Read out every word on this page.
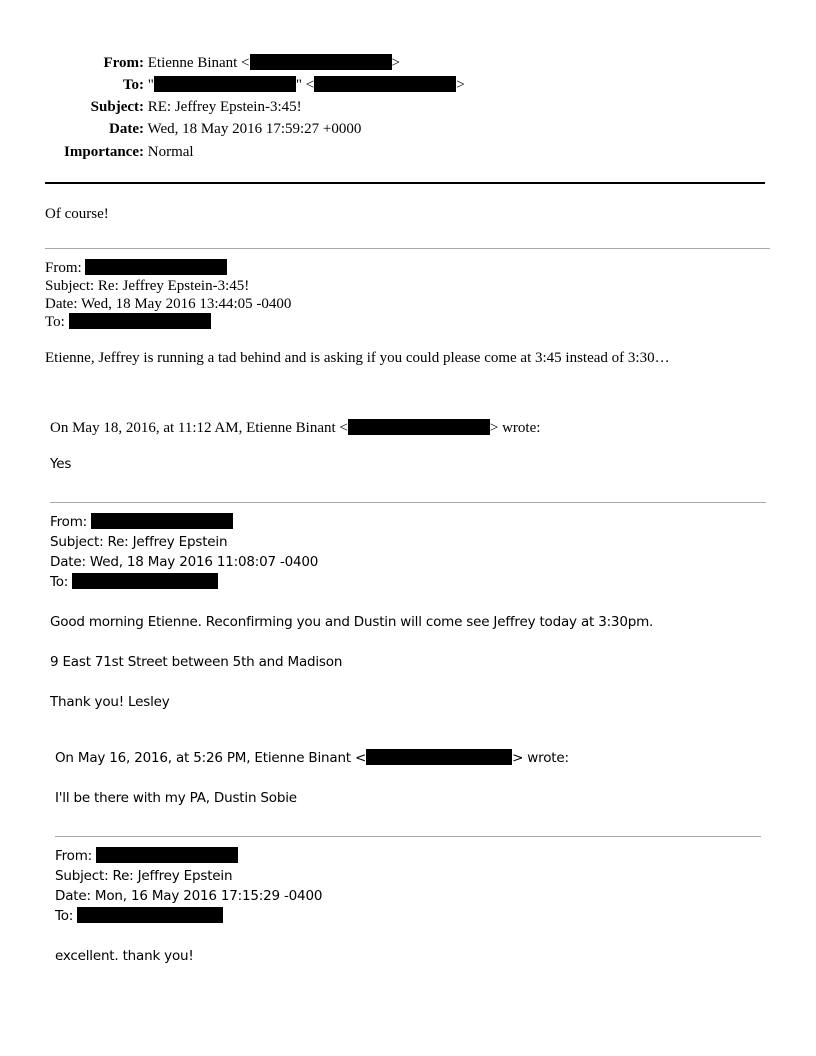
From: Etienne Binant <	>
To: "	" <	>
Subject: RE: Jeffrey Epstein-3:45!
Date: Wed, 18 May 2016 17:59:27 +0000
Importance: Normal
Of course!
From:
Subject: Re: Jeffrey Epstein-3:45!
Date: Wed, 18 May 2016 13:44:05 -0400
To:
Etienne, Jeffrey is running a tad behind and is asking if you could please come at 3:45 instead of 3:30…
On May 18, 2016, at 11:12 AM, Etienne Binant <	> wrote:
Yes
From:
Subject: Re: Jeffrey Epstein
Date: Wed, 18 May 2016 11:08:07 -0400
To:
Good morning Etienne. Reconfirming you and Dustin will come see Jeffrey today at 3:30pm.
9 East 71st Street between 5th and Madison
Thank you! Lesley
On May 16, 2016, at 5:26 PM, Etienne Binant <	> wrote:
I'll be there with my PA, Dustin Sobie
From:
Subject: Re: Jeffrey Epstein
Date: Mon, 16 May 2016 17:15:29 -0400
To:
excellent. thank you!
